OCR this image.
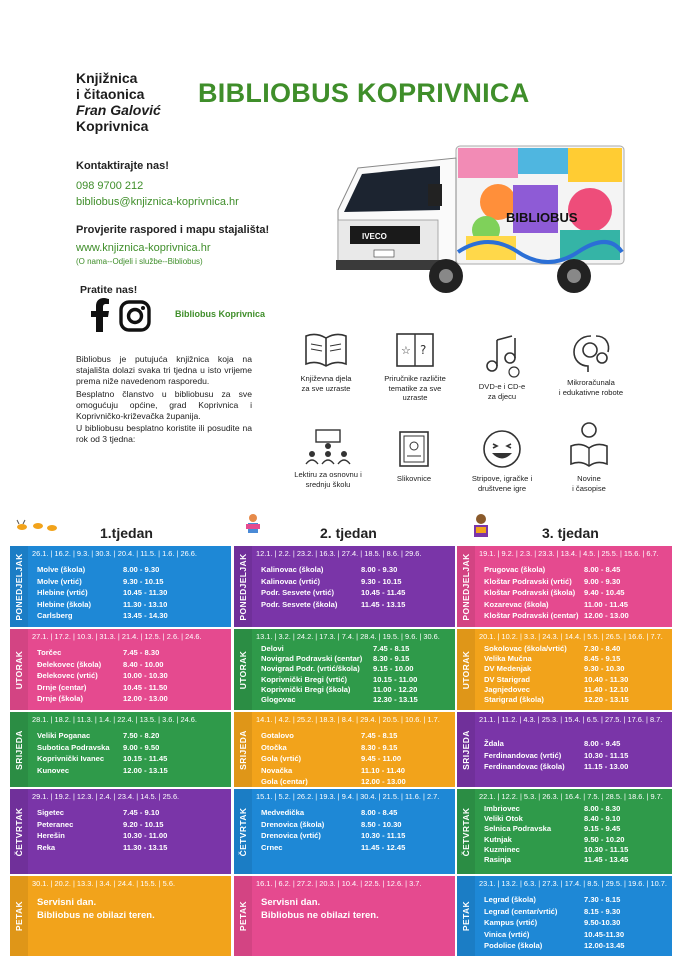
Knjižnica
i čitaonica
Fran Galović
Koprivnica
BIBLIOBUS KOPRIVNICA
Kontaktirajte nas!
098 9700 212
bibliobus@knjiznica-koprivnica.hr
Provjerite raspored i mapu stajališta!
www.knjiznica-koprivnica.hr
(O nama--Odjeli i službe--Bibliobus)
Pratite nas!
Bibliobus Koprivnica
BIBLIOBUS
IVECO

Bibliobus je putujuća knjižnica koja na stajališta dolazi svaka tri tjedna u isto vrijeme prema niže navedenom rasporedu.

Besplatno članstvo u bibliobusu za sve omogućuju općine, grad Koprivnica i Koprivničko-križevačka županija.

U bibliobusu besplatno koristite ili posudite na rok od 3 tjedna:

Književna djela
za sve uzraste
☆ ?
Priručnike različite
tematike za sve
uzraste
DVD-e i CD-e
za djecu
Mikroračunala
i edukativne robote
Lektiru za osnovnu i
srednju školu
Slikovnice	Stripove, igračke i
društvene igre
Novine
i časopise
1.tjedan	2. tjedan	3. tjedan
PONEDJELJAK 26.1. | 16.2. | 9.3. | 30.3. | 20.4. | 11.5. | 1.6. | 26.6.
Molve (škola)	8.00 - 9.30
Molve (vrtić)	9.30 - 10.15
Hlebine (vrtić)	10.45 - 11.30
Hlebine (škola)	11.30 - 13.10
Carlsberg	13.45 - 14.30
UTORAK
27.1. | 17.2. | 10.3. | 31.3. | 21.4. | 12.5. | 2.6. | 24.6.
Torčec	7.45 - 8.30
Đelekovec (škola)	8.40 - 10.00
Đelekovec (vrtić)	10.00 - 10.30
Drnje (centar)	10.45 - 11.50
Drnje (škola)	12.00 - 13.00
SRIJEDA
28.1. | 18.2. | 11.3. | 1.4. | 22.4. | 13.5. | 3.6. | 24.6.
Veliki Poganac	7.50 - 8.20
Subotica Podravska	9.00 - 9.50
Koprivnički Ivanec	10.15 - 11.45
Kunovec	12.00 - 13.15
ČETVRTAK
29.1. | 19.2. | 12.3. | 2.4. | 23.4. | 14.5. | 25.6.
Sigetec	7.45 - 9.10
Peteranec	9.20 - 10.15
Herešin	10.30 - 11.00
Reka	11.30 - 13.15
PETAK
30.1. | 20.2. | 13.3. | 3.4. | 24.4. | 15.5. | 5.6.
Servisni dan.
Bibliobus ne obilazi teren.
PONEDJELJAK 12.1. | 2.2. | 23.2. | 16.3. | 27.4. | 18.5. | 8.6. | 29.6.
Kalinovac (škola)	8.00 - 9.30
Kalinovac (vrtić)	9.30 - 10.15
Podr. Sesvete (vrtić)	10.45 - 11.45
Podr. Sesvete (škola)	11.45 - 13.15
UTORAK
13.1. | 3.2. | 24.2. | 17.3. | 7.4. | 28.4. | 19.5. | 9.6. | 30.6.
Delovi	7.45 - 8.15
Novigrad Podravski (centar)	8.30 - 9.15
Novigrad Podr. (vrtić/škola)	9.15 - 10.00
Koprivnički Bregi (vrtić)	10.15 - 11.00
Koprivnički Bregi (škola)	11.00 - 12.20
Glogovac	12.30 - 13.15
SRIJEDA
14.1. | 4.2. | 25.2. | 18.3. | 8.4. | 29.4. | 20.5. | 10.6. | 1.7.
Gotalovo	7.45 - 8.15
Otočka	8.30 - 9.15
Gola (vrtić)	9.45 - 11.00
Novačka	11.10 - 11.40
Gola (centar)	12.00 - 13.00
ČETVRTAK
15.1. | 5.2. | 26.2. | 19.3. | 9.4. | 30.4. | 21.5. | 11.6. | 2.7.
Medvedička	8.00 - 8.45
Drenovica (škola)	8.50 - 10.30
Drenovica (vrtić)	10.30 - 11.15
Crnec	11.45 - 12.45
PETAK
16.1. | 6.2. | 27.2. | 20.3. | 10.4. | 22.5. | 12.6. | 3.7.
Servisni dan.
Bibliobus ne obilazi teren.
PONEDJELJAK 19.1. | 9.2. | 2.3. | 23.3. | 13.4. | 4.5. | 25.5. | 15.6. | 6.7.
Prugovac (škola)	8.00 - 8.45
Kloštar Podravski (vrtić)	9.00 - 9.30
Kloštar Podravski (škola)	9.40 - 10.45
Kozarevac (škola)	11.00 - 11.45
Kloštar Podravski (centar) 12.00 - 13.00
UTORAK
20.1. | 10.2. | 3.3. | 24.3. | 14.4. | 5.5. | 26.5. | 16.6. | 7.7.
Sokolovac (škola/vrtić)	7.30 - 8.40
Velika Mučna	8.45 - 9.15
DV Medenjak	9.30 - 10.30
DV Starigrad	10.40 - 11.30
Jagnjedovec	11.40 - 12.10
Starigrad (škola)	12.20 - 13.15
SRIJEDA
21.1. | 11.2. | 4.3. | 25.3. | 15.4. | 6.5. | 27.5. | 17.6. | 8.7.
Ždala	8.00 - 9.45
Ferdinandovac (vrtić)	10.30 - 11.15
Ferdinandovac (škola)	11.15 - 13.00
ČETVRTAK
22.1. | 12.2. | 5.3. | 26.3. | 16.4. | 7.5. | 28.5. | 18.6. | 9.7.
Imbriovec	8.00 - 8.30
Veliki Otok	8.40 - 9.10
Selnica Podravska	9.15 - 9.45
Kutnjak	9.50 - 10.20
Kuzminec	10.30 - 11.15
Rasinja	11.45 - 13.45
PETAK
23.1. | 13.2. | 6.3. | 27.3. | 17.4. | 8.5. | 29.5. | 19.6. | 10.7.
Legrad (škola)	7.30 - 8.15
Legrad (centar/vrtić)	8.15 - 9.30
Kampus (vrtić)	9.50-10.30
Vinica (vrtić)	10.45-11.30
Podolice (škola)	12.00-13.45
